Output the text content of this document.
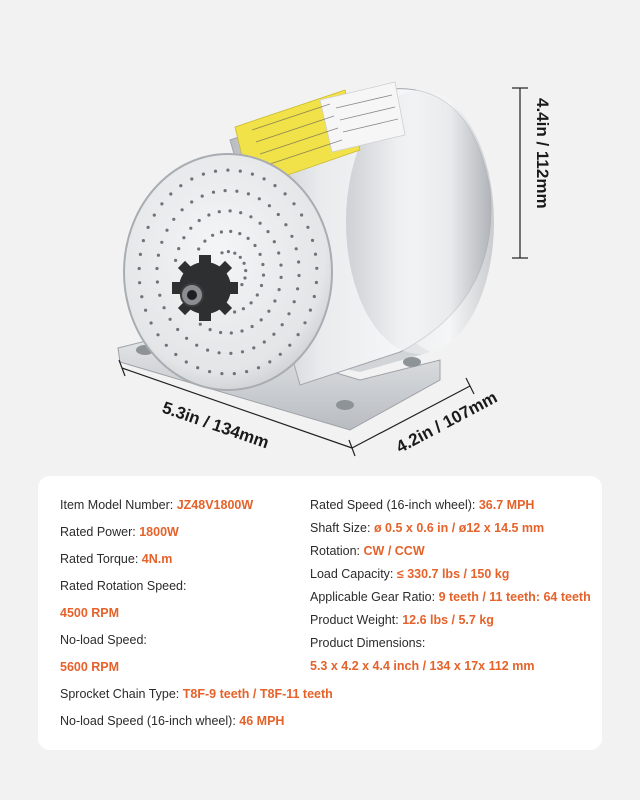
4.4in / 112mm
5.3in / 134mm	4.2in / 107mm
Item Model Number: JZ48V1800W
Rated Power: 1800W
Rated Torque: 4N.m
Rated Rotation Speed:
4500 RPM
No-load Speed:
5600 RPM
Sprocket Chain Type: T8F-9 teeth / T8F-11 teeth
No-load Speed (16-inch wheel): 46 MPH
Rated Speed (16-inch wheel): 36.7 MPH
Shaft Size: ø 0.5 x 0.6 in / ø12 x 14.5 mm
Rotation: CW / CCW
Load Capacity: ≤ 330.7 lbs / 150 kg
Applicable Gear Ratio: 9 teeth / 11 teeth: 64 teeth
Product Weight: 12.6 lbs / 5.7 kg
Product Dimensions:
5.3 x 4.2 x 4.4 inch / 134 x 17x 112 mm
